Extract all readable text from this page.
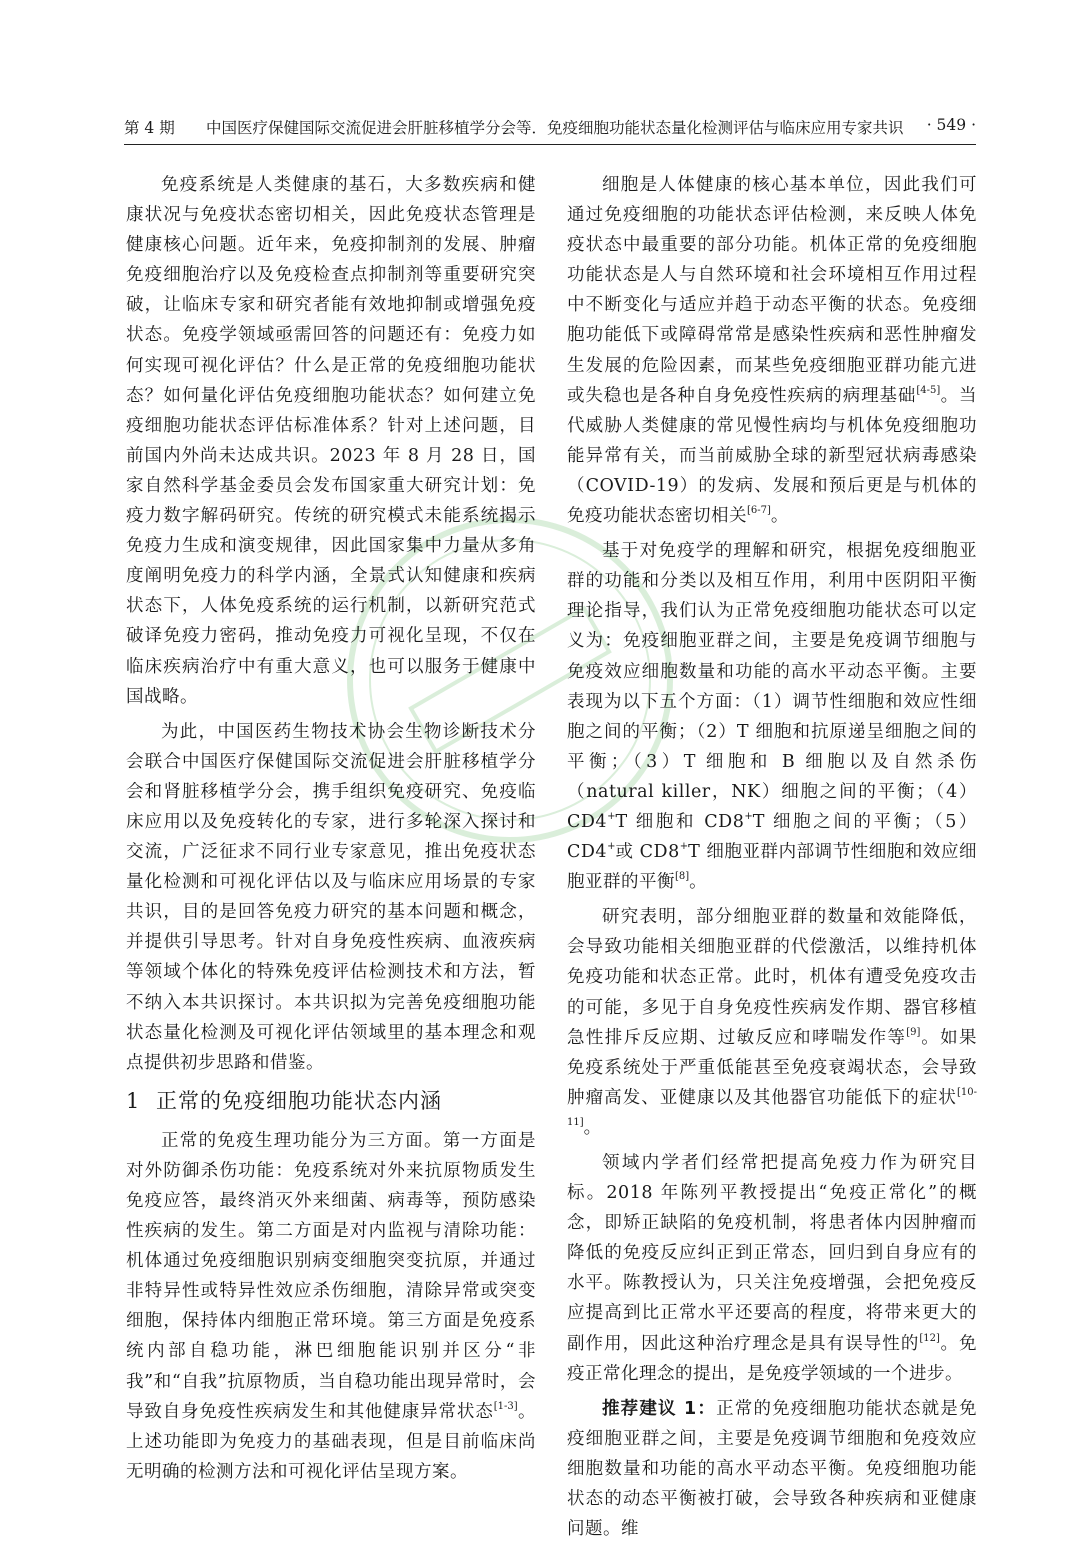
第 4 期 中国医疗保健国际交流促进会肝脏移植学分会等．免疫细胞功能状态量化检测评估与临床应用专家共识 · 549 ·

免疫系统是人类健康的基石，大多数疾病和健康状况与免疫状态密切相关，因此免疫状态管理是健康核心问题。近年来，免疫抑制剂的发展、肿瘤免疫细胞治疗以及免疫检查点抑制剂等重要研究突破，让临床专家和研究者能有效地抑制或增强免疫状态。免疫学领域亟需回答的问题还有：免疫力如何实现可视化评估？什么是正常的免疫细胞功能状态？如何量化评估免疫细胞功能状态？如何建立免疫细胞功能状态评估标准体系？针对上述问题，目前国内外尚未达成共识。2023 年 8 月 28 日，国家自然科学基金委员会发布国家重大研究计划：免疫力数字解码研究。传统的研究模式未能系统揭示免疫力生成和演变规律，因此国家集中力量从多角度阐明免疫力的科学内涵，全景式认知健康和疾病状态下，人体免疫系统的运行机制，以新研究范式破译免疫力密码，推动免疫力可视化呈现，不仅在临床疾病治疗中有重大意义，也可以服务于健康中国战略。

为此，中国医药生物技术协会生物诊断技术分会联合中国医疗保健国际交流促进会肝脏移植学分会和肾脏移植学分会，携手组织免疫研究、免疫临床应用以及免疫转化的专家，进行多轮深入探讨和交流，广泛征求不同行业专家意见，推出免疫状态量化检测和可视化评估以及与临床应用场景的专家共识，目的是回答免疫力研究的基本问题和概念，并提供引导思考。针对自身免疫性疾病、血液疾病等领域个体化的特殊免疫评估检测技术和方法，暂不纳入本共识探讨。本共识拟为完善免疫细胞功能状态量化检测及可视化评估领域里的基本理念和观点提供初步思路和借鉴。

1 正常的免疫细胞功能状态内涵

正常的免疫生理功能分为三方面。第一方面是对外防御杀伤功能：免疫系统对外来抗原物质发生免疫应答，最终消灭外来细菌、病毒等，预防感染性疾病的发生。第二方面是对内监视与清除功能：机体通过免疫细胞识别病变细胞突变抗原，并通过非特异性或特异性效应杀伤细胞，清除异常或突变细胞，保持体内细胞正常环境。第三方面是免疫系统内部自稳功能，淋巴细胞能识别并区分“非我”和“自我”抗原物质，当自稳功能出现异常时，会导致自身免疫性疾病发生和其他健康异常状态[1-3]。上述功能即为免疫力的基础表现，但是目前临床尚无明确的检测方法和可视化评估呈现方案。

细胞是人体健康的核心基本单位，因此我们可通过免疫细胞的功能状态评估检测，来反映人体免疫状态中最重要的部分功能。机体正常的免疫细胞功能状态是人与自然环境和社会环境相互作用过程中不断变化与适应并趋于动态平衡的状态。免疫细胞功能低下或障碍常常是感染性疾病和恶性肿瘤发生发展的危险因素，而某些免疫细胞亚群功能亢进或失稳也是各种自身免疫性疾病的病理基础[4-5]。当代威胁人类健康的常见慢性病均与机体免疫细胞功能异常有关，而当前威胁全球的新型冠状病毒感染（COVID-19）的发病、发展和预后更是与机体的免疫功能状态密切相关[6-7]。

基于对免疫学的理解和研究，根据免疫细胞亚群的功能和分类以及相互作用，利用中医阴阳平衡理论指导，我们认为正常免疫细胞功能状态可以定义为：免疫细胞亚群之间，主要是免疫调节细胞与免疫效应细胞数量和功能的高水平动态平衡。主要表现为以下五个方面：（1）调节性细胞和效应性细胞之间的平衡；（2）T 细胞和抗原递呈细胞之间的平衡；（3）T 细胞和 B 细胞以及自然杀伤（natural killer，NK）细胞之间的平衡；（4）CD4+T 细胞和 CD8+T 细胞之间的平衡；（5）CD4+或 CD8+T 细胞亚群内部调节性细胞和效应细胞亚群的平衡[8]。

研究表明，部分细胞亚群的数量和效能降低，会导致功能相关细胞亚群的代偿激活，以维持机体免疫功能和状态正常。此时，机体有遭受免疫攻击的可能，多见于自身免疫性疾病发作期、器官移植急性排斥反应期、过敏反应和哮喘发作等[9]。如果免疫系统处于严重低能甚至免疫衰竭状态，会导致肿瘤高发、亚健康以及其他器官功能低下的症状[10-11]。

领域内学者们经常把提高免疫力作为研究目标。2018 年陈列平教授提出“免疫正常化”的概念，即矫正缺陷的免疫机制，将患者体内因肿瘤而降低的免疫反应纠正到正常态，回归到自身应有的水平。陈教授认为，只关注免疫增强，会把免疫反应提高到比正常水平还要高的程度，将带来更大的副作用，因此这种治疗理念是具有误导性的[12]。免疫正常化理念的提出，是免疫学领域的一个进步。

推荐建议 1：正常的免疫细胞功能状态就是免疫细胞亚群之间，主要是免疫调节细胞和免疫效应细胞数量和功能的高水平动态平衡。免疫细胞功能状态的动态平衡被打破，会导致各种疾病和亚健康问题。维
